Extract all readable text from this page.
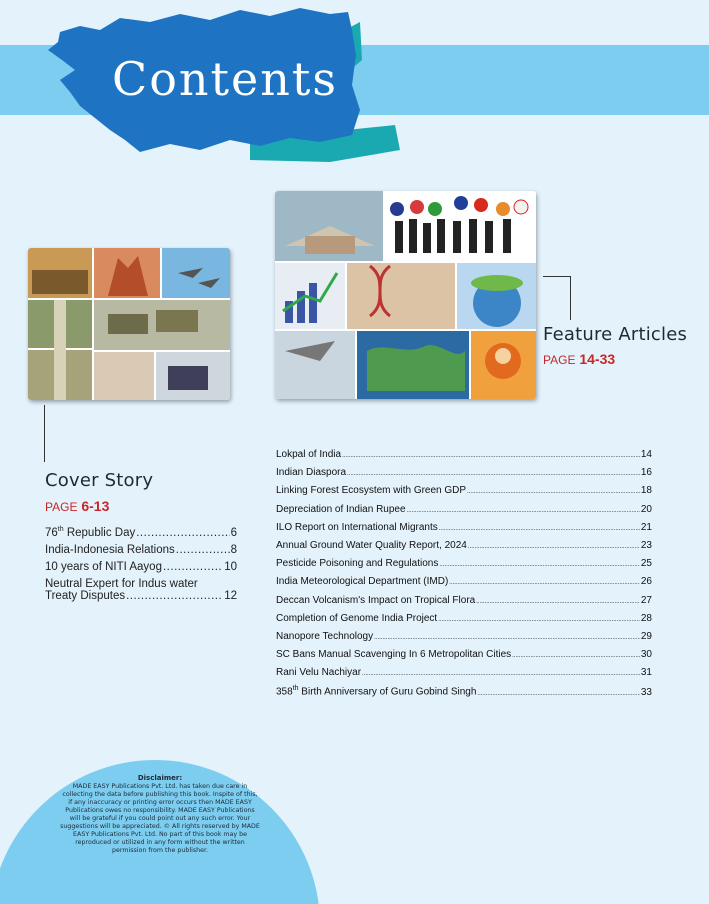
Contents
Cover Story
PAGE 6-13
Feature Articles
PAGE 14-33
76th Republic Day .....	6
India-Indonesia Relations .....	8
10 years of NITI Aayog .....	10
Neutral Expert for Indus water
Treaty Disputes .....	12
Lokpal of India .....	14
Indian Diaspora .....	16
Linking Forest Ecosystem with Green GDP .....	18
Depreciation of Indian Rupee .....	20
ILO Report on International Migrants .....	21
Annual Ground Water Quality Report, 2024 .....	23
Pesticide Poisoning and Regulations .....	25
India Meteorological Department (IMD) .....	26
Deccan Volcanism's Impact on Tropical Flora .....	27
Completion of Genome India Project .....	28
Nanopore Technology .....	29
SC Bans Manual Scavenging In 6 Metropolitan Cities .....	30
Rani Velu Nachiyar .....	31
358th Birth Anniversary of Guru Gobind Singh .....	33
Disclaimer:
MADE EASY Publications Pvt. Ltd. has taken due care in collecting the data before publishing this book. Inspite of this, if any inaccuracy or printing error occurs then MADE EASY Publications owes no responsibility. MADE EASY Publications will be grateful if you could point out any such error. Your suggestions will be appreciated. © All rights reserved by MADE EASY Publications Pvt. Ltd. No part of this book may be reproduced or utilized in any form without the written permission from the publisher.
